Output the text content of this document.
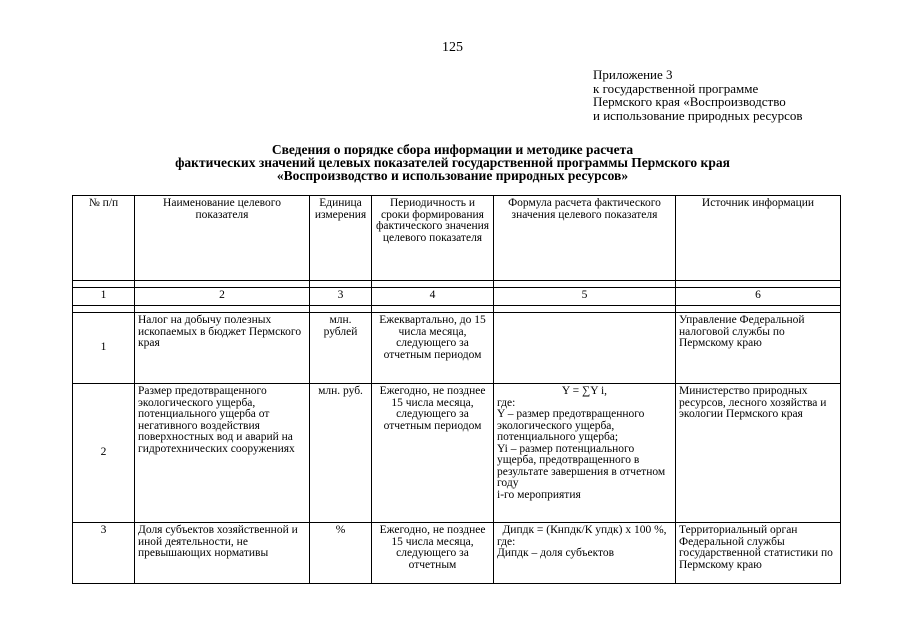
125
Приложение 3
к государственной программе
Пермского края «Воспроизводство
и использование природных ресурсов
Сведения о порядке сбора информации и методике расчета
фактических значений целевых показателей государственной программы Пермского края
«Воспроизводство и использование природных ресурсов»
№ п/п	Наименование целевого показателя	Единица измерения	Периодичность и сроки формирования фактического значения целевого показателя	Формула расчета фактического значения целевого показателя	Источник информации

1	2	3	4	5	6

1	Налог на добычу полезных ископаемых в бюджет Пермского края	млн. рублей	Ежеквартально, до 15 числа месяца, следующего за отчетным периодом		Управление Федеральной налоговой службы по Пермскому краю
2	Размер предотвращенного экологического ущерба, потенциального ущерба от негативного воздействия поверхностных вод и аварий на гидротехнических сооружениях	млн. руб.	Ежегодно, не позднее 15 числа месяца, следующего за отчетным периодом	Y = ∑Y i,
где:
Y – размер предотвращенного экологического ущерба, потенциального ущерба;
Yi – размер потенциального ущерба, предотвращенного в результате завершения в отчетном году
i-го мероприятия	Министерство природных ресурсов, лесного хозяйства и экологии Пермского края
3	Доля субъектов хозяйственной и иной деятельности, не превышающих нормативы	%	Ежегодно, не позднее 15 числа месяца, следующего за отчетным	Дипдк = (Кнпдк/К упдк) х 100 %,
где:
Дипдк – доля субъектов	Территориальный орган Федеральной службы государственной статистики по Пермскому краю
